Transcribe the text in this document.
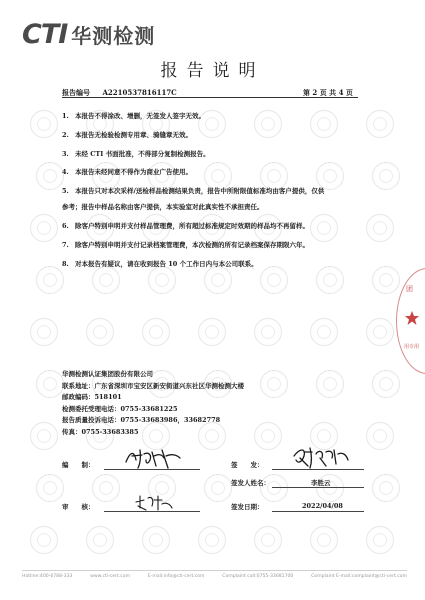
CTI 华测检测
报告说明
报告编号 A2210537816117C	第 2 页 共 4 页
1. 本报告不得涂改、增删，无签发人签字无效。
2. 本报告无检验检测专用章、骑缝章无效。
3. 未经 CTI 书面批准，不得部分复制检测报告。
4. 本报告未经同意不得作为商业广告使用。
5. 本报告只对本次采样/送检样品检测结果负责，报告中所附限值标准均由客户提供，仅供
参考；报告中样品名称由客户提供，本实验室对此真实性不承担责任。
6. 除客户特别申明并支付样品管理费，所有超过标准规定时效期的样品均不再留样。
7. 除客户特别申明并支付记录档案管理费，本次检测的所有记录档案保存期限六年。
8. 对本报告有疑议，请在收到报告 10 个工作日内与本公司联系。
华测检测认证集团股份有限公司
联系地址：广东省深圳市宝安区新安街道兴东社区华测检测大楼
邮政编码：518101
检测委托受理电话：0755-33681225
报告质量投诉电话：0755-33683986，33682778
传真：0755-33683385
编　　制：	签　　发：
签发人姓名：	李胜云
审　　核：	签发日期：	2022/04/08
团
用专用
Hotline:400-6788-333	www.cti-cert.com	E-mail:info@cti-cert.com	Complaint call:0755-33681700	Complaint E-mail:complaint@cti-cert.com
